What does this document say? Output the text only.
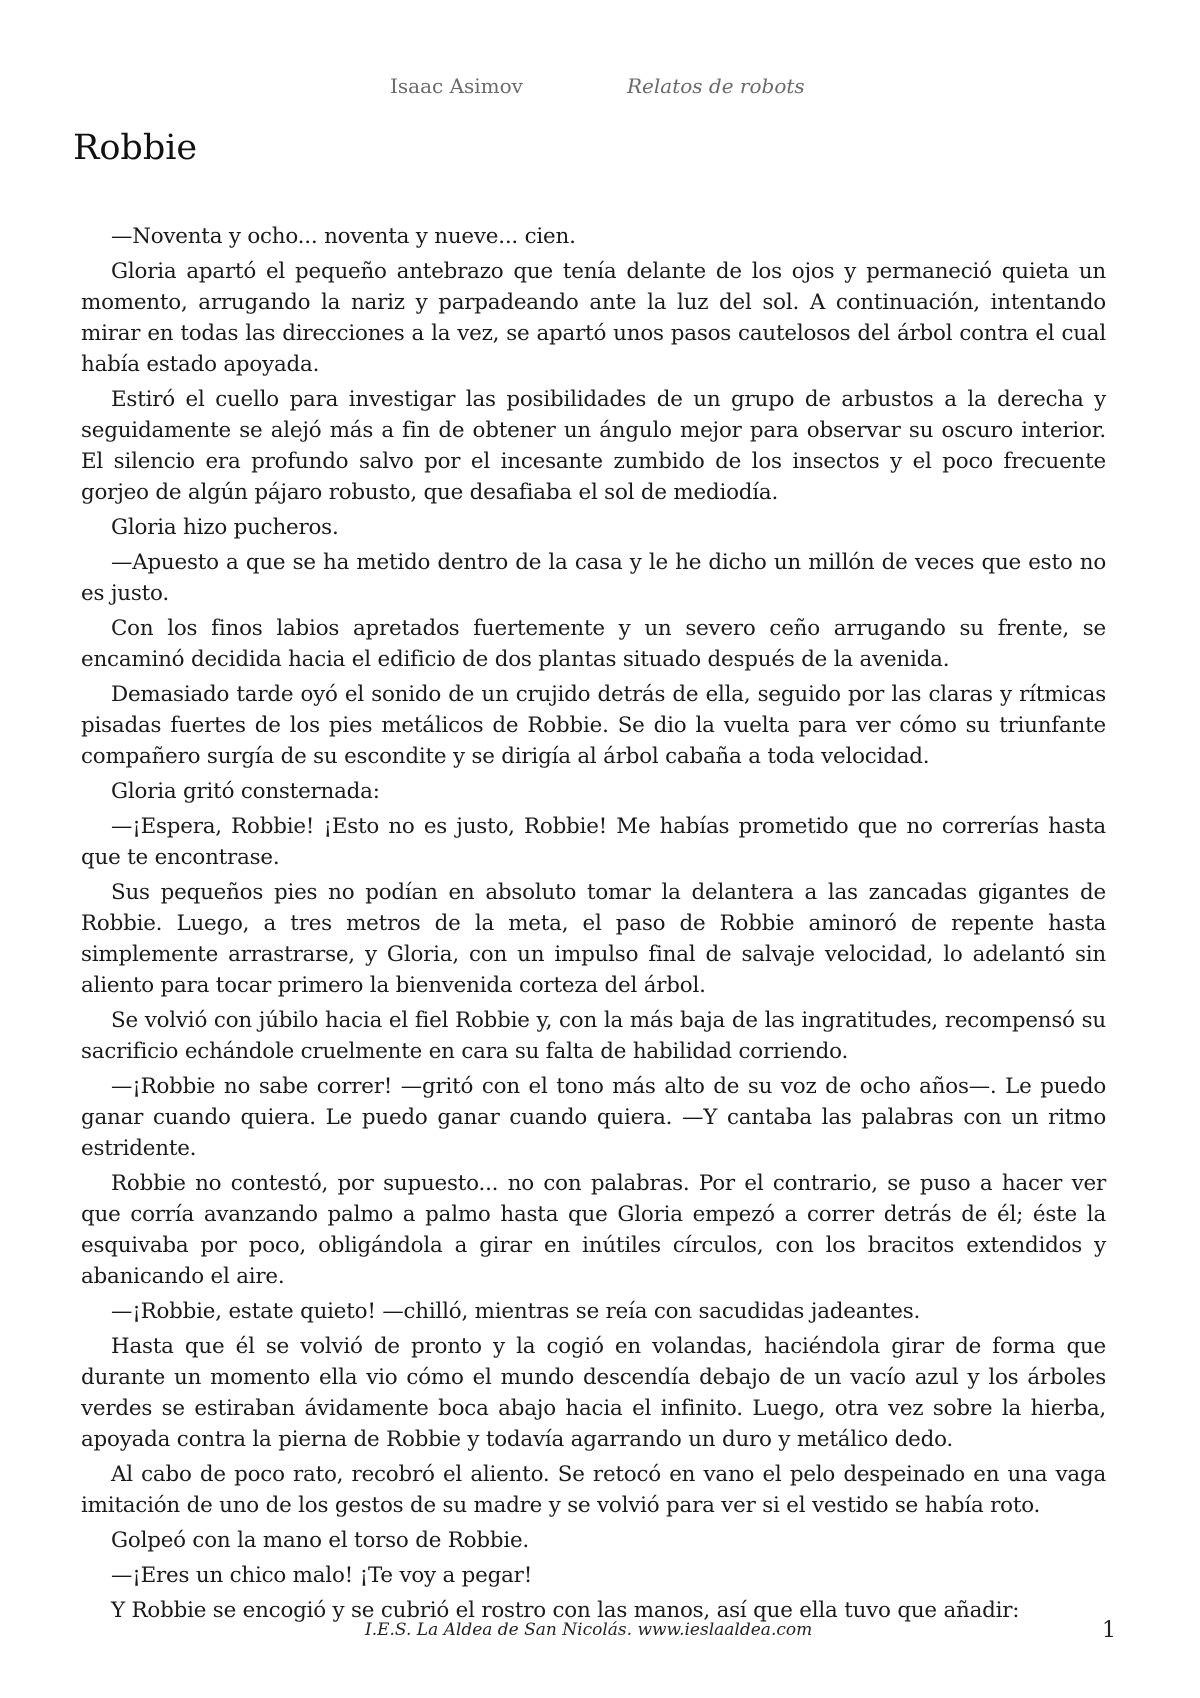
Isaac Asimov	Relatos de robots
Robbie

—Noventa y ocho... noventa y nueve... cien.

Gloria apartó el pequeño antebrazo que tenía delante de los ojos y permaneció quieta un momento, arrugando la nariz y parpadeando ante la luz del sol. A continuación, intentando mirar en todas las direcciones a la vez, se apartó unos pasos cautelosos del árbol contra el cual había estado apoyada.

Estiró el cuello para investigar las posibilidades de un grupo de arbustos a la derecha y seguidamente se alejó más a fin de obtener un ángulo mejor para observar su oscuro interior. El silencio era profundo salvo por el incesante zumbido de los insectos y el poco frecuente gorjeo de algún pájaro robusto, que desafiaba el sol de mediodía.

Gloria hizo pucheros.

—Apuesto a que se ha metido dentro de la casa y le he dicho un millón de veces que esto no es justo.

Con los finos labios apretados fuertemente y un severo ceño arrugando su frente, se encaminó decidida hacia el edificio de dos plantas situado después de la avenida.

Demasiado tarde oyó el sonido de un crujido detrás de ella, seguido por las claras y rítmicas pisadas fuertes de los pies metálicos de Robbie. Se dio la vuelta para ver cómo su triunfante compañero surgía de su escondite y se dirigía al árbol cabaña a toda velocidad.

Gloria gritó consternada:

—¡Espera, Robbie! ¡Esto no es justo, Robbie! Me habías prometido que no correrías hasta que te encontrase.

Sus pequeños pies no podían en absoluto tomar la delantera a las zancadas gigantes de Robbie. Luego, a tres metros de la meta, el paso de Robbie aminoró de repente hasta simplemente arrastrarse, y Gloria, con un impulso final de salvaje velocidad, lo adelantó sin aliento para tocar primero la bienvenida corteza del árbol.

Se volvió con júbilo hacia el fiel Robbie y, con la más baja de las ingratitudes, recompensó su sacrificio echándole cruelmente en cara su falta de habilidad corriendo.

—¡Robbie no sabe correr! —gritó con el tono más alto de su voz de ocho años—. Le puedo ganar cuando quiera. Le puedo ganar cuando quiera. —Y cantaba las palabras con un ritmo estridente.

Robbie no contestó, por supuesto... no con palabras. Por el contrario, se puso a hacer ver que corría avanzando palmo a palmo hasta que Gloria empezó a correr detrás de él; éste la esquivaba por poco, obligándola a girar en inútiles círculos, con los bracitos extendidos y abanicando el aire.

—¡Robbie, estate quieto! —chilló, mientras se reía con sacudidas jadeantes.

Hasta que él se volvió de pronto y la cogió en volandas, haciéndola girar de forma que durante un momento ella vio cómo el mundo descendía debajo de un vacío azul y los árboles verdes se estiraban ávidamente boca abajo hacia el infinito. Luego, otra vez sobre la hierba, apoyada contra la pierna de Robbie y todavía agarrando un duro y metálico dedo.

Al cabo de poco rato, recobró el aliento. Se retocó en vano el pelo despeinado en una vaga imitación de uno de los gestos de su madre y se volvió para ver si el vestido se había roto.

Golpeó con la mano el torso de Robbie.

—¡Eres un chico malo! ¡Te voy a pegar!

Y Robbie se encogió y se cubrió el rostro con las manos, así que ella tuvo que añadir:

I.E.S. La Aldea de San Nicolás. www.ieslaaldea.com	1
